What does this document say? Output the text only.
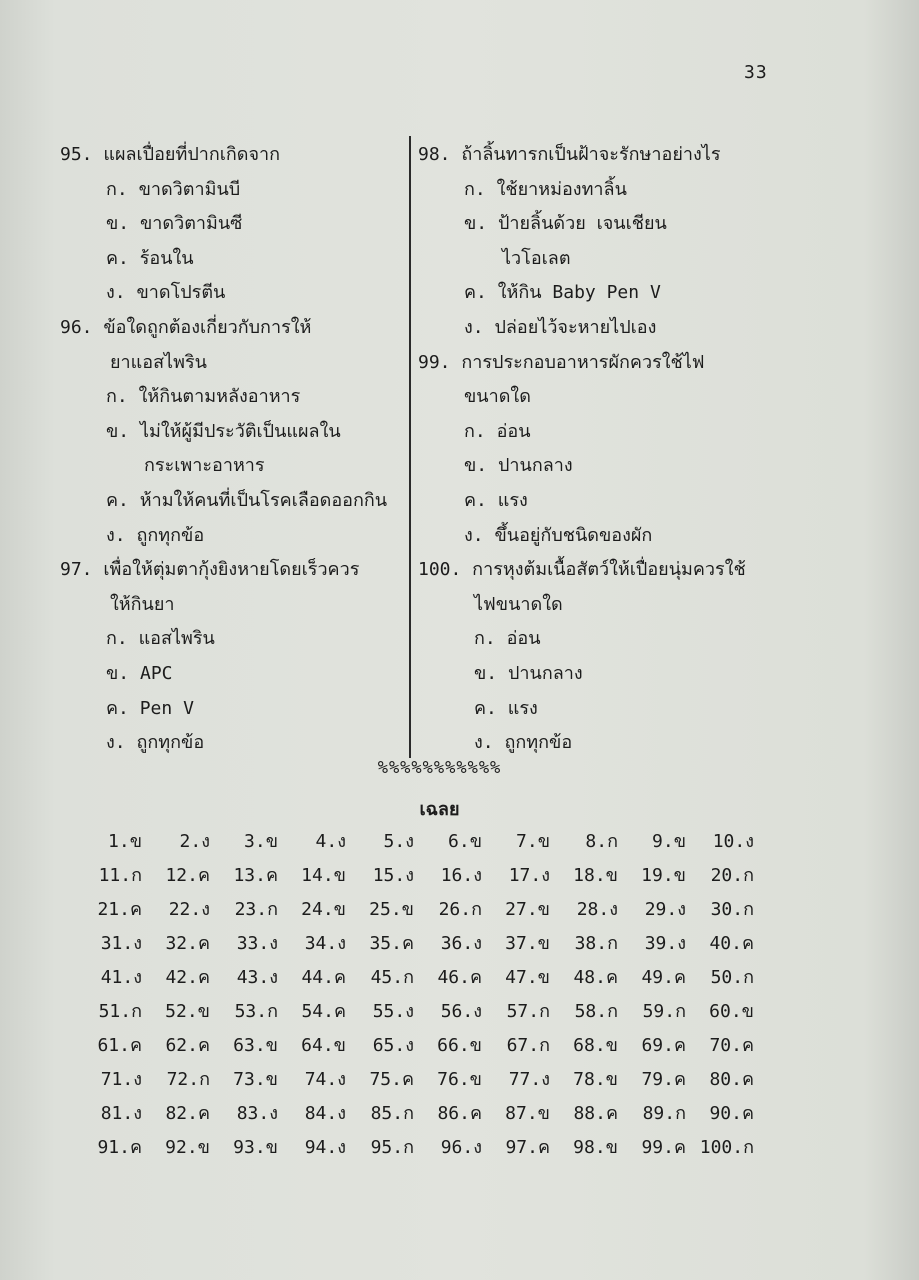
33
95. แผลเปื่อยที่ปากเกิดจาก
ก. ขาดวิตามินบี
ข. ขาดวิตามินซี
ค. ร้อนใน
ง. ขาดโปรตีน
96. ข้อใดถูกต้องเกี่ยวกับการให้
ยาแอสไพริน
ก. ให้กินตามหลังอาหาร
ข. ไม่ให้ผู้มีประวัติเป็นแผลใน
กระเพาะอาหาร
ค. ห้ามให้คนที่เป็นโรคเลือดออกกิน
ง. ถูกทุกข้อ
97. เพื่อให้ตุ่มตากุ้งยิงหายโดยเร็วควร
ให้กินยา
ก. แอสไพริน
ข. APC
ค. Pen V
ง. ถูกทุกข้อ
98. ถ้าลิ้นทารกเป็นฝ้าจะรักษาอย่างไร
ก. ใช้ยาหม่องทาลิ้น
ข. ป้ายลิ้นด้วย เจนเชียน
ไวโอเลต
ค. ให้กิน Baby Pen V
ง. ปล่อยไว้จะหายไปเอง
99. การประกอบอาหารผักควรใช้ไฟ
ขนาดใด
ก. อ่อน
ข. ปานกลาง
ค. แรง
ง. ขึ้นอยู่กับชนิดของผัก
100. การหุงต้มเนื้อสัตว์ให้เปื่อยนุ่มควรใช้
ไฟขนาดใด
ก. อ่อน
ข. ปานกลาง
ค. แรง
ง. ถูกทุกข้อ
%%%%%%%%%%%
เฉลย
1.ข	2.ง	3.ข	4.ง	5.ง	6.ข	7.ข	8.ก	9.ข	10.ง
11.ก	12.ค	13.ค	14.ข	15.ง	16.ง	17.ง	18.ข	19.ข	20.ก
21.ค	22.ง	23.ก	24.ข	25.ข	26.ก	27.ข	28.ง	29.ง	30.ก
31.ง	32.ค	33.ง	34.ง	35.ค	36.ง	37.ข	38.ก	39.ง	40.ค
41.ง	42.ค	43.ง	44.ค	45.ก	46.ค	47.ข	48.ค	49.ค	50.ก
51.ก	52.ข	53.ก	54.ค	55.ง	56.ง	57.ก	58.ก	59.ก	60.ข
61.ค	62.ค	63.ข	64.ข	65.ง	66.ข	67.ก	68.ข	69.ค	70.ค
71.ง	72.ก	73.ข	74.ง	75.ค	76.ข	77.ง	78.ข	79.ค	80.ค
81.ง	82.ค	83.ง	84.ง	85.ก	86.ค	87.ข	88.ค	89.ก	90.ค
91.ค	92.ข	93.ข	94.ง	95.ก	96.ง	97.ค	98.ข	99.ค 100.ก
